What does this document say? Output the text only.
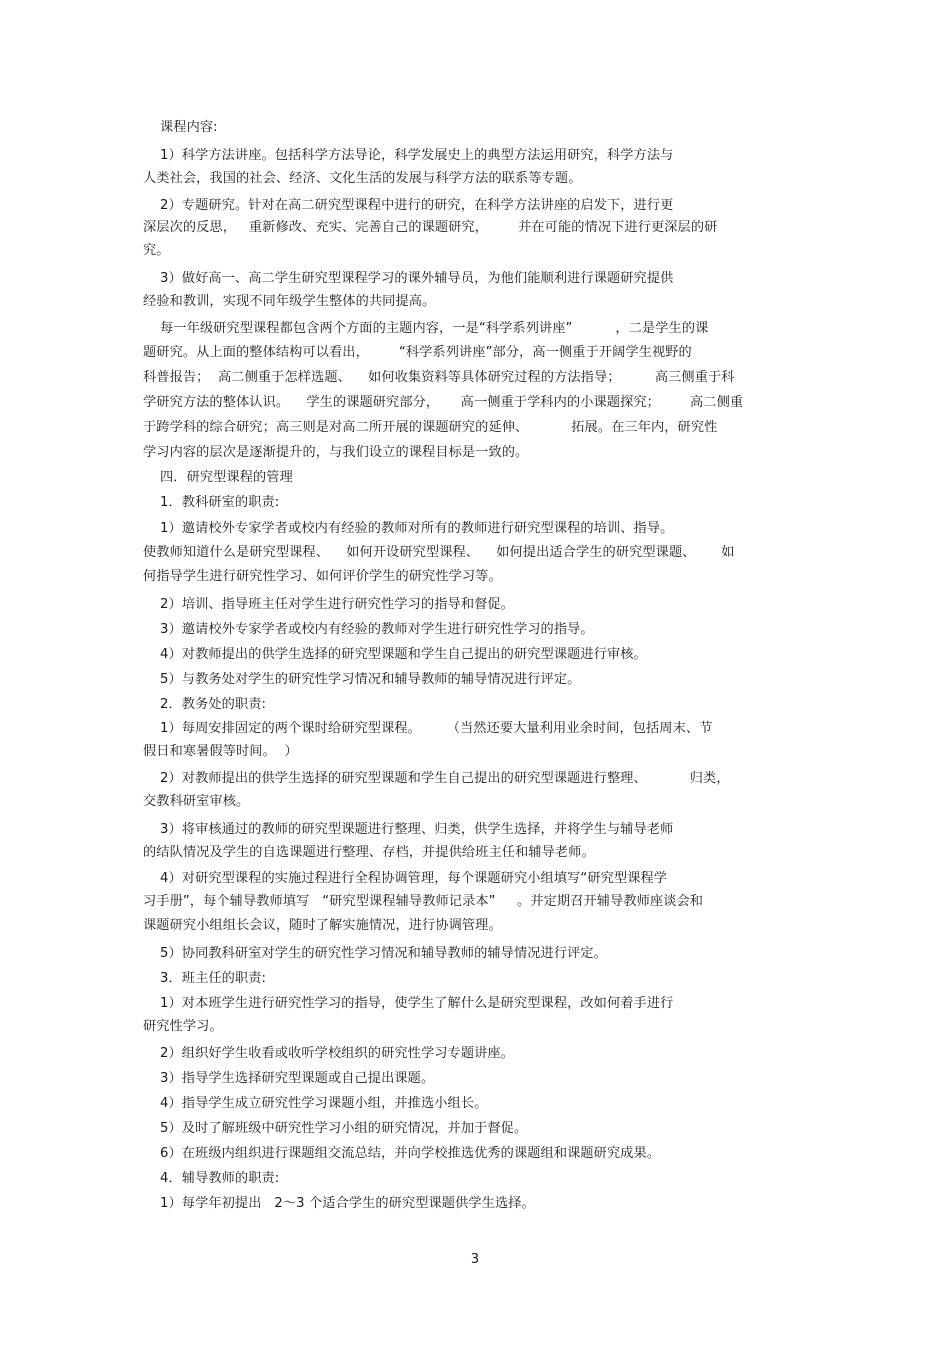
课程内容:
1）科学方法讲座。包括科学方法导论，科学发展史上的典型方法运用研究，科学方法与
人类社会，我国的社会、经济、文化生活的发展与科学方法的联系等专题。
2）专题研究。针对在高二研究型课程中进行的研究，在科学方法讲座的启发下，进行更
深层次的反思，   重新修改、充实、完善自己的课题研究，       并在可能的情况下进行更深层的研
究。
3）做好高一、高二学生研究型课程学习的课外辅导员，为他们能顺利进行课题研究提供
经验和教训，实现不同年级学生整体的共同提高。
每一年级研究型课程都包含两个方面的主题内容，一是“科学系列讲座”          ，二是学生的课
题研究。从上面的整体结构可以看出，       “科学系列讲座”部分，高一侧重于开阔学生视野的
科普报告；  高二侧重于怎样选题、    如何收集资料等具体研究过程的方法指导；        高三侧重于科
学研究方法的整体认识。    学生的课题研究部分，     高一侧重于学科内的小课题探究；       高二侧重
于跨学科的综合研究；高三则是对高二所开展的课题研究的延伸、          拓展。在三年内，研究性
学习内容的层次是逐渐提升的，与我们设立的课程目标是一致的。
四．研究型课程的管理
1．教科研室的职责:
1）邀请校外专家学者或校内有经验的教师对所有的教师进行研究型课程的培训、指导。
使教师知道什么是研究型课程、    如何开设研究型课程、    如何提出适合学生的研究型课题、      如
何指导学生进行研究性学习、如何评价学生的研究性学习等。
2）培训、指导班主任对学生进行研究性学习的指导和督促。
3）邀请校外专家学者或校内有经验的教师对学生进行研究性学习的指导。
4）对教师提出的供学生选择的研究型课题和学生自己提出的研究型课题进行审核。
5）与教务处对学生的研究性学习情况和辅导教师的辅导情况进行评定。
2．教务处的职责:
1）每周安排固定的两个课时给研究型课程。      （当然还要大量利用业余时间，包括周末、节
假日和寒暑假等时间。  ）
2）对教师提出的供学生选择的研究型课题和学生自己提出的研究型课题进行整理、          归类，
交教科研室审核。
3）将审核通过的教师的研究型课题进行整理、归类，供学生选择，并将学生与辅导老师
的结队情况及学生的自选课题进行整理、存档，并提供给班主任和辅导老师。
4）对研究型课程的实施过程进行全程协调管理，每个课题研究小组填写“研究型课程学
习手册”，每个辅导教师填写   “研究型课程辅导教师记录本”     。并定期召开辅导教师座谈会和
课题研究小组组长会议，随时了解实施情况，进行协调管理。
5）协同教科研室对学生的研究性学习情况和辅导教师的辅导情况进行评定。
3．班主任的职责:
1）对本班学生进行研究性学习的指导，使学生了解什么是研究型课程，改如何着手进行
研究性学习。
2）组织好学生收看或收听学校组织的研究性学习专题讲座。
3）指导学生选择研究型课题或自己提出课题。
4）指导学生成立研究性学习课题小组，并推选小组长。
5）及时了解班级中研究性学习小组的研究情况，并加于督促。
6）在班级内组织进行课题组交流总结，并向学校推选优秀的课题组和课题研究成果。
4．辅导教师的职责:
1）每学年初提出   2～3 个适合学生的研究型课题供学生选择。
3
